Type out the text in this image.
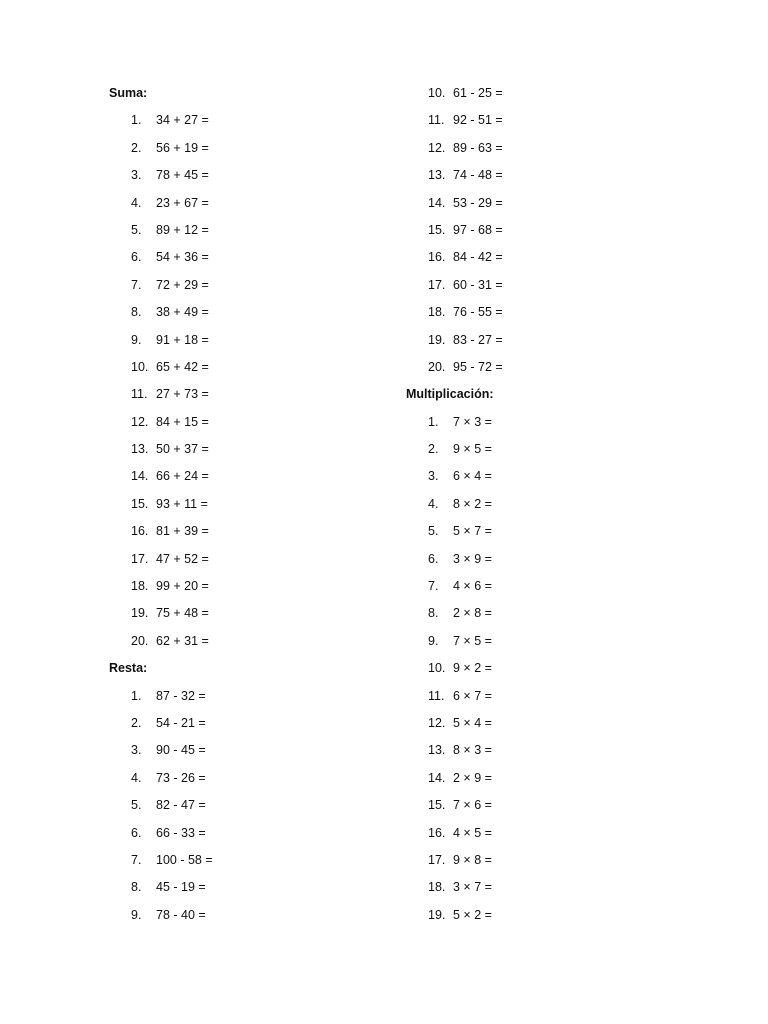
Suma:
1.	34 + 27 =
2.	56 + 19 =
3.	78 + 45 =
4.	23 + 67 =
5.	89 + 12 =
6.	54 + 36 =
7.	72 + 29 =
8.	38 + 49 =
9.	91 + 18 =
10. 65 + 42 =
11. 27 + 73 =
12. 84 + 15 =
13. 50 + 37 =
14. 66 + 24 =
15. 93 + 11 =
16. 81 + 39 =
17. 47 + 52 =
18. 99 + 20 =
19. 75 + 48 =
20. 62 + 31 =
Resta:
1.	87 - 32 =
2.	54 - 21 =
3.	90 - 45 =
4.	73 - 26 =
5.	82 - 47 =
6.	66 - 33 =
7.	100 - 58 =
8.	45 - 19 =
9.	78 - 40 =
10. 61 - 25 =
11. 92 - 51 =
12. 89 - 63 =
13. 74 - 48 =
14. 53 - 29 =
15. 97 - 68 =
16. 84 - 42 =
17. 60 - 31 =
18. 76 - 55 =
19. 83 - 27 =
20. 95 - 72 =
Multiplicación:
1.	7 × 3 =
2.	9 × 5 =
3.	6 × 4 =
4.	8 × 2 =
5.	5 × 7 =
6.	3 × 9 =
7.	4 × 6 =
8.	2 × 8 =
9.	7 × 5 =
10. 9 × 2 =
11. 6 × 7 =
12. 5 × 4 =
13. 8 × 3 =
14. 2 × 9 =
15. 7 × 6 =
16. 4 × 5 =
17. 9 × 8 =
18. 3 × 7 =
19. 5 × 2 =
